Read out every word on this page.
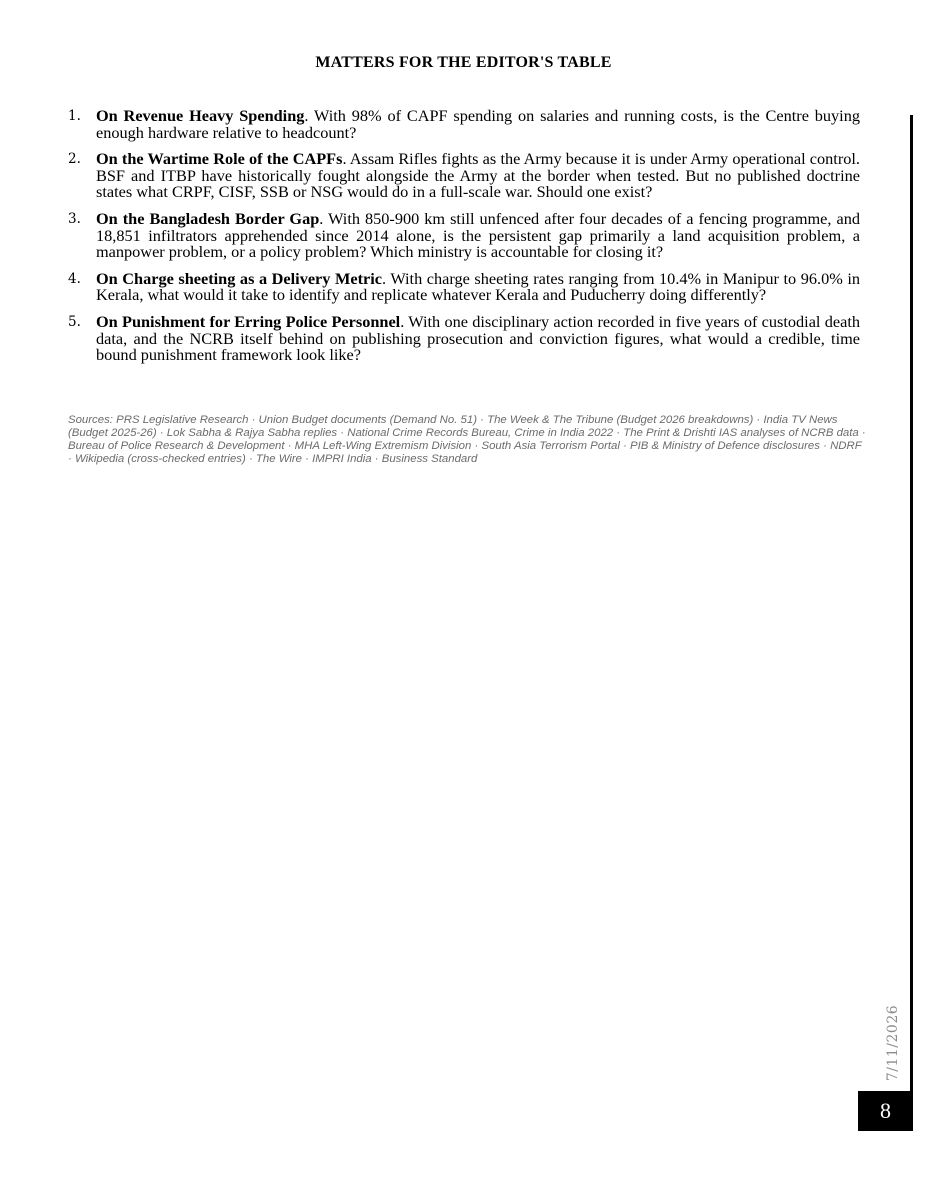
MATTERS FOR THE EDITOR'S TABLE
1. On Revenue Heavy Spending. With 98% of CAPF spending on salaries and running costs, is the Centre buying enough hardware relative to headcount?
2. On the Wartime Role of the CAPFs. Assam Rifles fights as the Army because it is under Army operational control. BSF and ITBP have historically fought alongside the Army at the border when tested. But no published doctrine states what CRPF, CISF, SSB or NSG would do in a full-scale war. Should one exist?
3. On the Bangladesh Border Gap. With 850-900 km still unfenced after four decades of a fencing programme, and 18,851 infiltrators apprehended since 2014 alone, is the persistent gap primarily a land acquisition problem, a manpower problem, or a policy problem? Which ministry is accountable for closing it?
4. On Charge sheeting as a Delivery Metric. With charge sheeting rates ranging from 10.4% in Manipur to 96.0% in Kerala, what would it take to identify and replicate whatever Kerala and Puducherry doing differently?
5. On Punishment for Erring Police Personnel. With one disciplinary action recorded in five years of custodial death data, and the NCRB itself behind on publishing prosecution and conviction figures, what would a credible, time bound punishment framework look like?
Sources: PRS Legislative Research · Union Budget documents (Demand No. 51) · The Week & The Tribune (Budget 2026 breakdowns) · India TV News (Budget 2025-26) · Lok Sabha & Rajya Sabha replies · National Crime Records Bureau, Crime in India 2022 · The Print & Drishti IAS analyses of NCRB data · Bureau of Police Research & Development · MHA Left-Wing Extremism Division · South Asia Terrorism Portal · PIB & Ministry of Defence disclosures · NDRF · Wikipedia (cross-checked entries) · The Wire · IMPRI India · Business Standard
7/11/2026
8
